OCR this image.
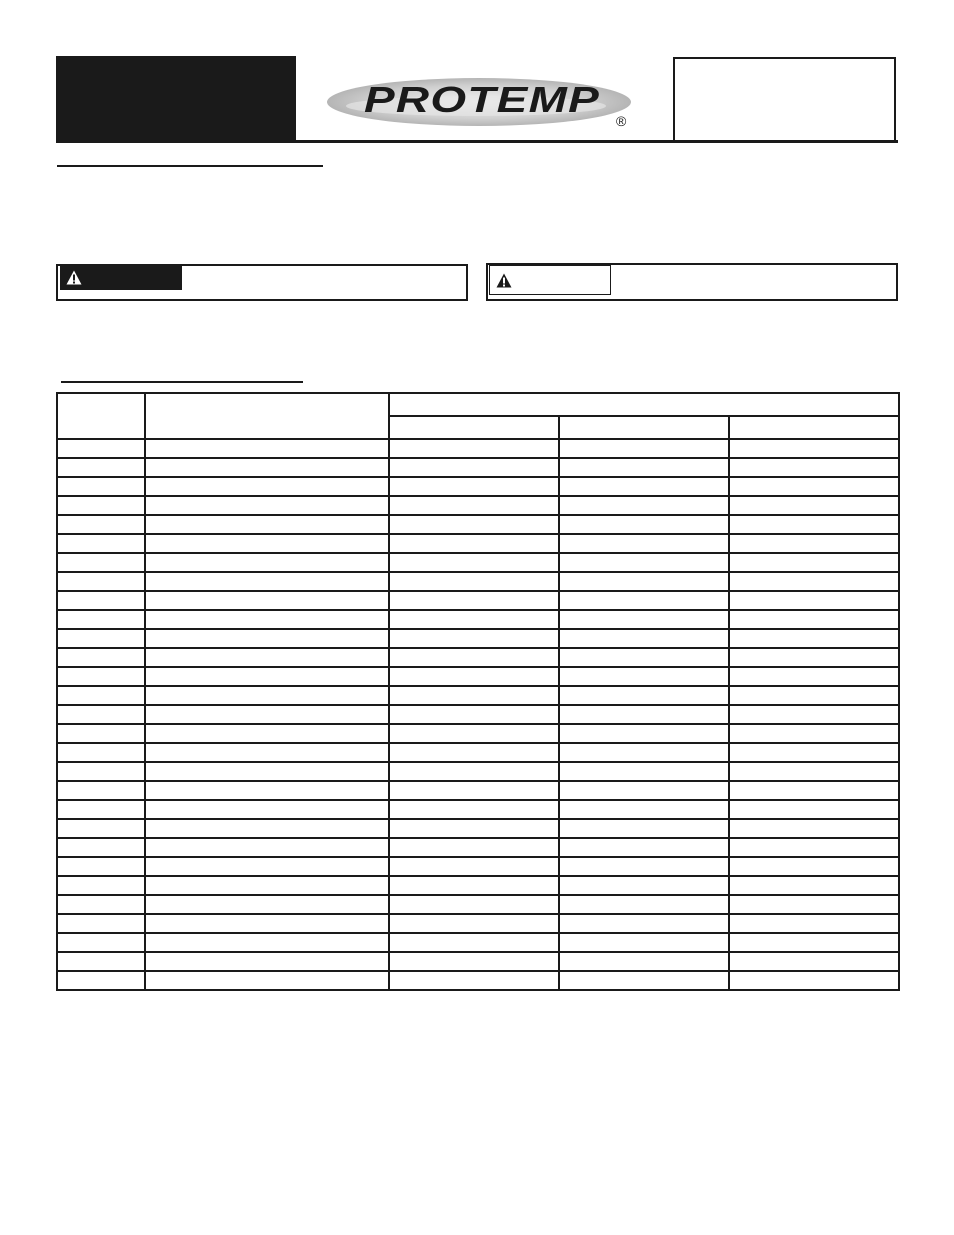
PROTEMP
®
